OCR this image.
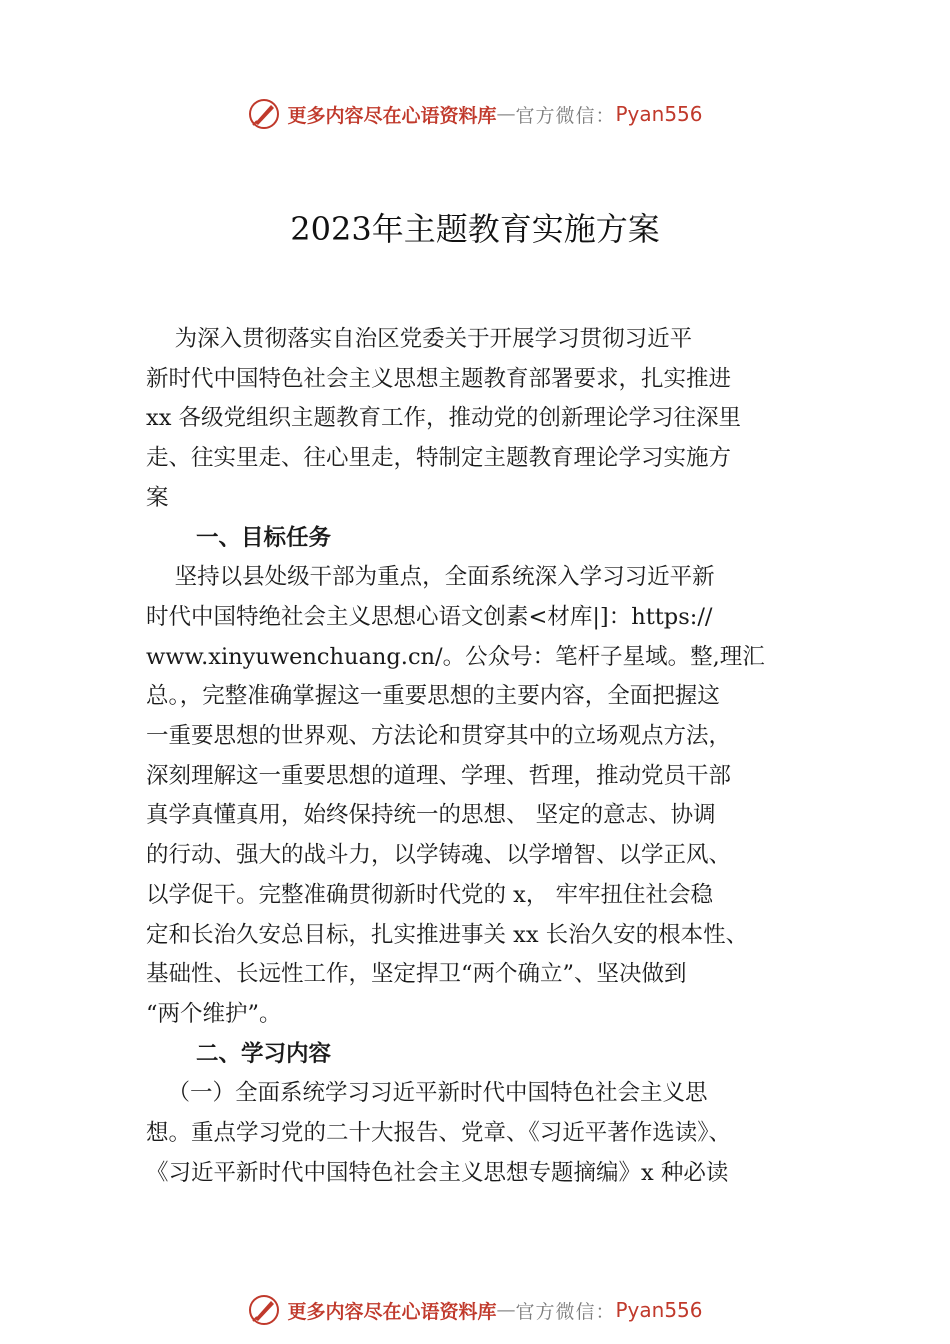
更多内容尽在心语资料库 — 官方微信： Pyan556
2023年主题教育实施方案

为深入贯彻落实自治区党委关于开展学习贯彻习近平

新时代中国特色社会主义思想主题教育部署要求，扎实推进

xx 各级党组织主题教育工作，推动党的创新理论学习往深里

走、往实里走、往心里走，特制定主题教育理论学习实施方

案

一、目标任务

坚持以县处级干部为重点，全面系统深入学习习近平新

时代中国特绝社会主义思想心语文创素<材库|]：https://

www.xinyuwenchuang.cn/。公众号：笔杆子星域。整,理汇

总。，完整准确掌握这一重要思想的主要内容，全面把握这

一重要思想的世界观、方法论和贯穿其中的立场观点方法，

深刻理解这一重要思想的道理、学理、哲理，推动党员干部

真学真懂真用，始终保持统一的思想、 坚定的意志、协调

的行动、强大的战斗力，以学铸魂、以学增智、以学正风、

以学促干。完整准确贯彻新时代党的 x， 牢牢扭住社会稳

定和长治久安总目标，扎实推进事关 xx 长治久安的根本性、

基础性、长远性工作，坚定捍卫“两个确立”、坚决做到

“两个维护”。

二、学习内容

（一）全面系统学习习近平新时代中国特色社会主义思

想。重点学习党的二十大报告、党章、《习近平著作选读》、

《习近平新时代中国特色社会主义思想专题摘编》x 种必读

更多内容尽在心语资料库 — 官方微信： Pyan556
